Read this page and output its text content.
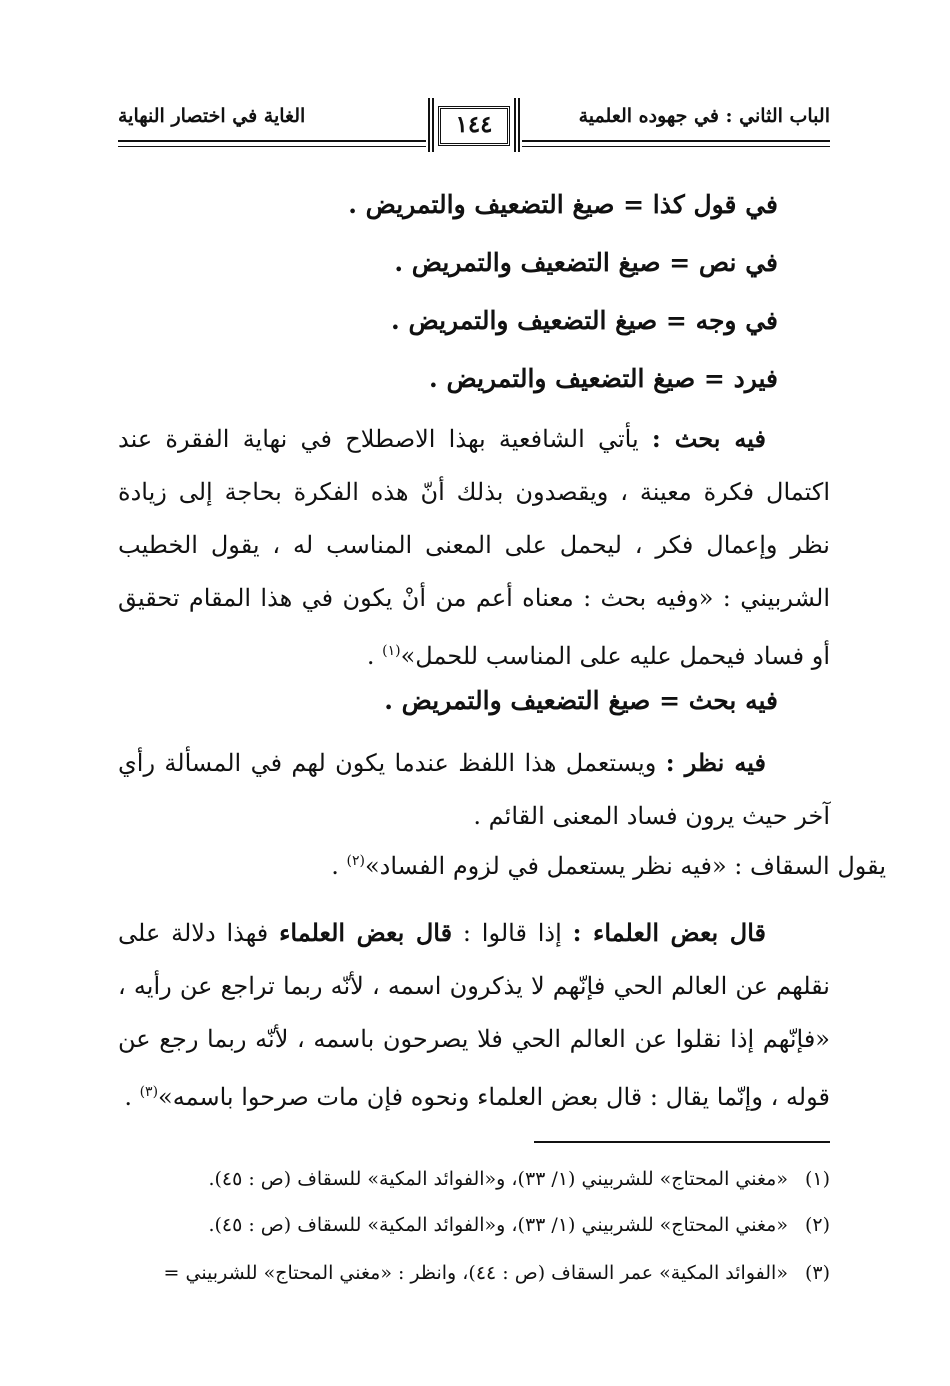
الباب الثاني : في جهوده العلمية
الغاية في اختصار النهاية	١٤٤
في قول كذا = صيغ التضعيف والتمريض .
في نص = صيغ التضعيف والتمريض .
في وجه = صيغ التضعيف والتمريض .
فيرد = صيغ التضعيف والتمريض .
فيه بحث : يأتي الشافعية بهذا الاصطلاح في نهاية الفقرة عند اكتمال فكرة معينة ، ويقصدون بذلك أنّ هذه الفكرة بحاجة إلى زيادة نظر وإعمال فكر ، ليحمل على المعنى المناسب له ، يقول الخطيب الشربيني : «وفيه بحث : معناه أعم من أنْ يكون في هذا المقام تحقيق أو فساد فيحمل عليه على المناسب للحمل»$^{(١)}$ .
فيه بحث = صيغ التضعيف والتمريض .
فيه نظر : ويستعمل هذا اللفظ عندما يكون لهم في المسألة رأي آخر حيث يرون فساد المعنى القائم .
يقول السقاف : «فيه نظر يستعمل في لزوم الفساد»$^{(٢)}$ .
قال بعض العلماء : إذا قالوا : قال بعض العلماء فهذا دلالة على نقلهم عن العالم الحي فإنّهم لا يذكرون اسمه ، لأنّه ربما تراجع عن رأيه ، «فإنّهم إذا نقلوا عن العالم الحي فلا يصرحون باسمه ، لأنّه ربما رجع عن قوله ، وإنّما يقال : قال بعض العلماء ونحوه فإن مات صرحوا باسمه»$^{(٣)}$ .
(١) «مغني المحتاج» للشربيني (١/ ٣٣)، و«الفوائد المكية» للسقاف (ص : ٤٥).
(٢) «مغني المحتاج» للشربيني (١/ ٣٣)، و«الفوائد المكية» للسقاف (ص : ٤٥).
(٣) «الفوائد المكية» عمر السقاف (ص : ٤٤)، وانظر : «مغني المحتاج» للشربيني =
